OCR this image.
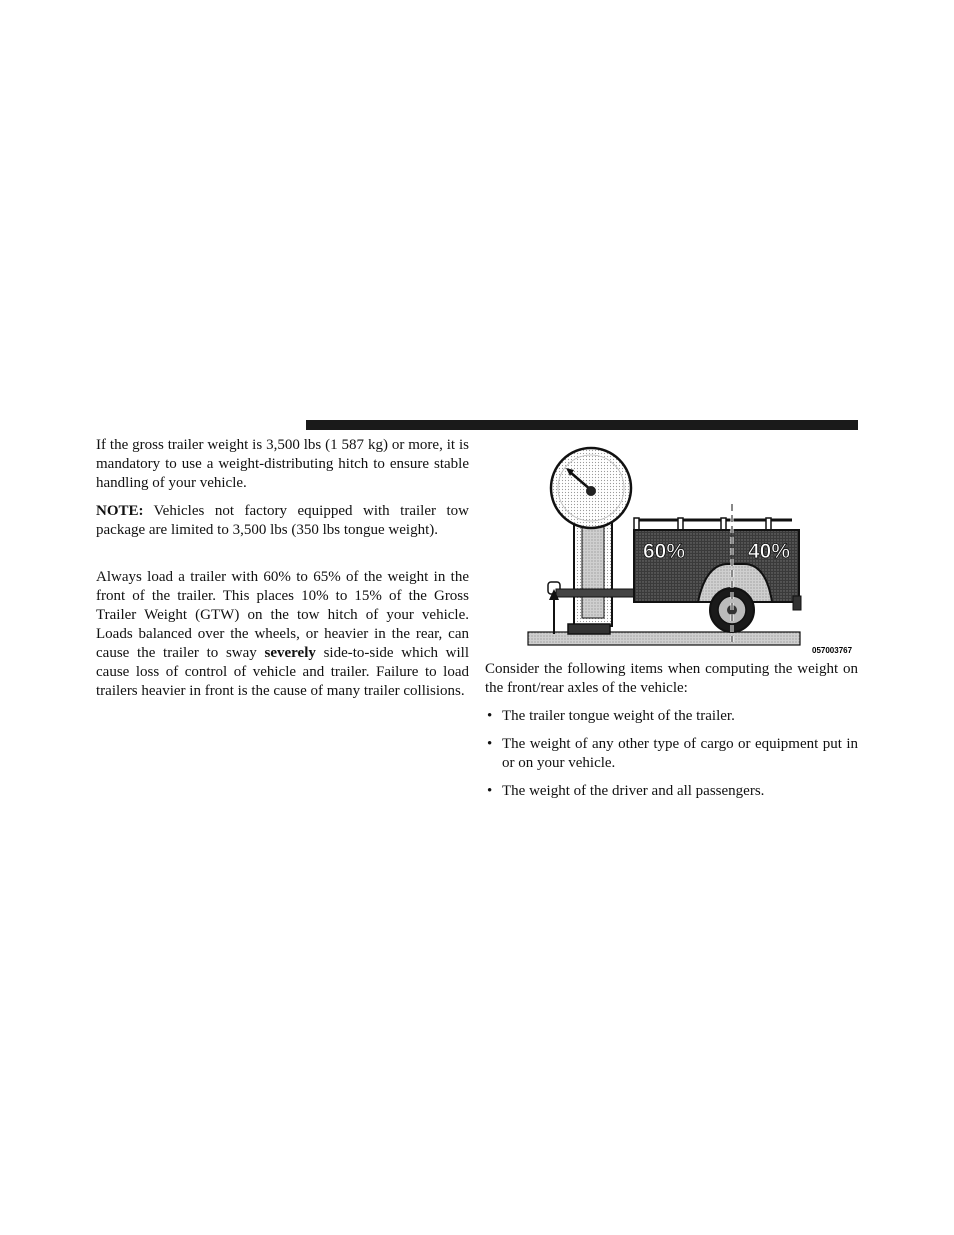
If the gross trailer weight is 3,500 lbs (1 587 kg) or more, it is mandatory to use a weight-distributing hitch to ensure stable handling of your vehicle.

NOTE: Vehicles not factory equipped with trailer tow package are limited to 3,500 lbs (350 lbs tongue weight).

Always load a trailer with 60% to 65% of the weight in the front of the trailer. This places 10% to 15% of the Gross Trailer Weight (GTW) on the tow hitch of your vehicle. Loads balanced over the wheels, or heavier in the rear, can cause the trailer to sway severely side-to-side which will cause loss of control of vehicle and trailer. Failure to load trailers heavier in front is the cause of many trailer collisions.

60%	40%
057003767

Consider the following items when computing the weight on the front/rear axles of the vehicle:

• The trailer tongue weight of the trailer.
• The weight of any other type of cargo or equipment put in or on your vehicle.
• The weight of the driver and all passengers.
